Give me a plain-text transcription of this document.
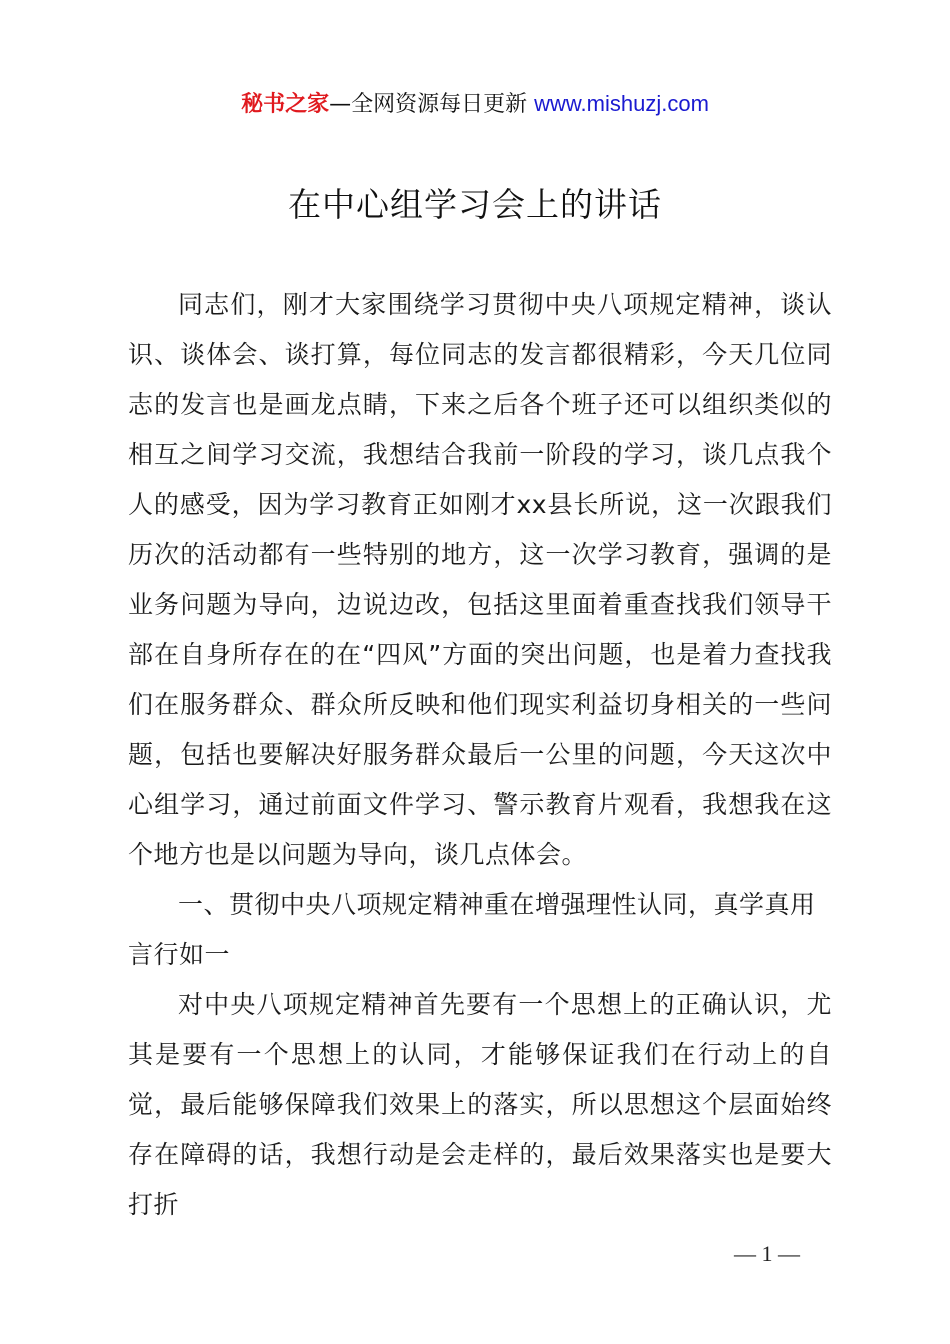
秘书之家—全网资源每日更新 www.mishuzj.com
在中心组学习会上的讲话

同志们，刚才大家围绕学习贯彻中央八项规定精神，谈认识、谈体会、谈打算，每位同志的发言都很精彩，今天几位同志的发言也是画龙点睛，下来之后各个班子还可以组织类似的相互之间学习交流，我想结合我前一阶段的学习，谈几点我个人的感受，因为学习教育正如刚才xx县长所说，这一次跟我们历次的活动都有一些特别的地方，这一次学习教育，强调的是业务问题为导向，边说边改，包括这里面着重查找我们领导干部在自身所存在的在“四风”方面的突出问题，也是着力查找我们在服务群众、群众所反映和他们现实利益切身相关的一些问题，包括也要解决好服务群众最后一公里的问题，今天这次中心组学习，通过前面文件学习、警示教育片观看，我想我在这个地方也是以问题为导向，谈几点体会。

一、贯彻中央八项规定精神重在增强理性认同，真学真用言行如一

对中央八项规定精神首先要有一个思想上的正确认识，尤其是要有一个思想上的认同，才能够保证我们在行动上的自觉，最后能够保障我们效果上的落实，所以思想这个层面始终存在障碍的话，我想行动是会走样的，最后效果落实也是要大打折

— 1 —
